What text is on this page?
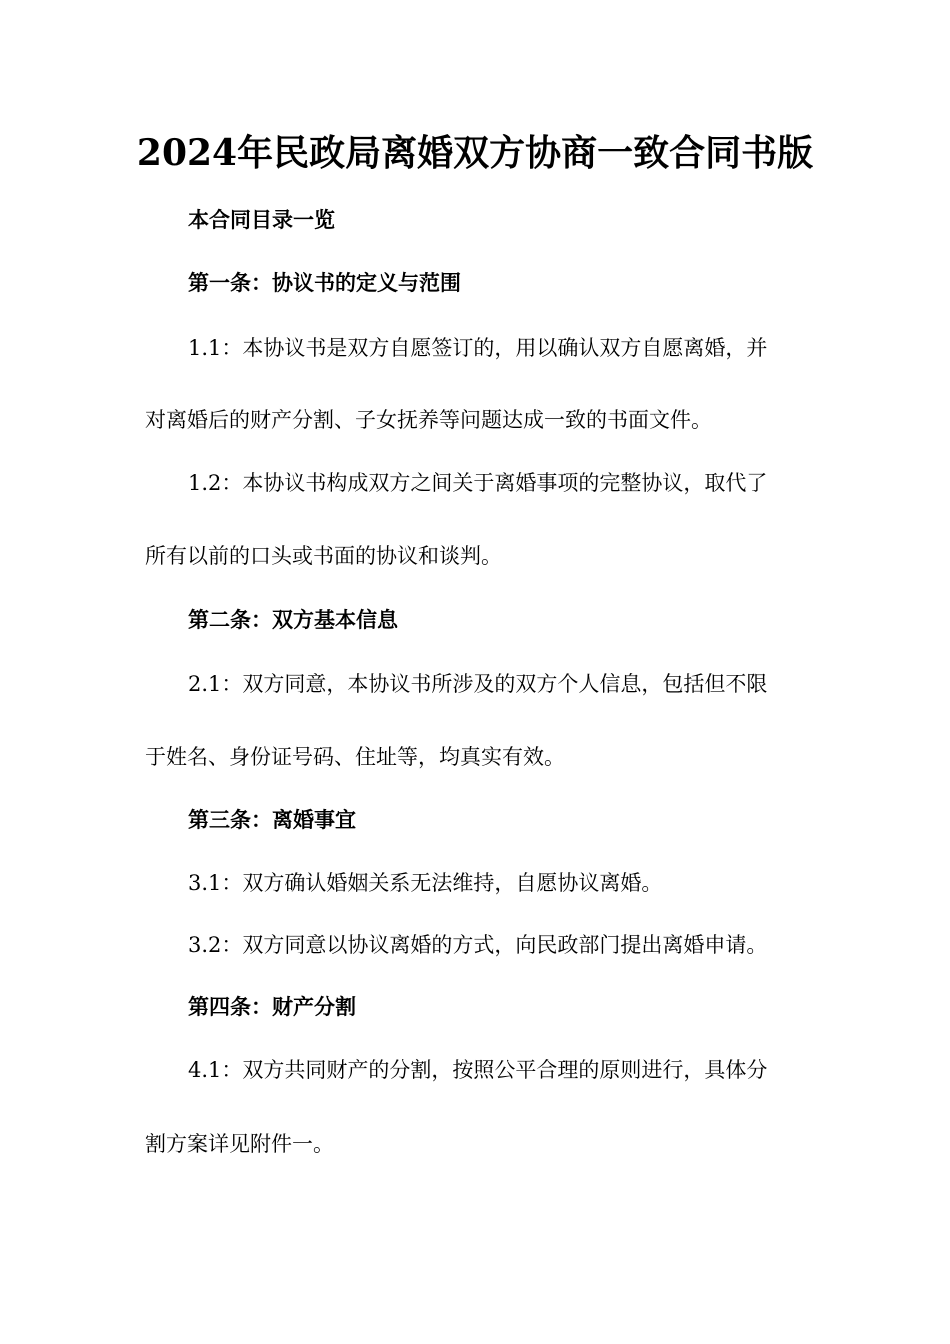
2024年民政局离婚双方协商一致合同书版
本合同目录一览
第一条：协议书的定义与范围
1.1：本协议书是双方自愿签订的，用以确认双方自愿离婚，并
对离婚后的财产分割、子女抚养等问题达成一致的书面文件。
1.2：本协议书构成双方之间关于离婚事项的完整协议，取代了
所有以前的口头或书面的协议和谈判。
第二条：双方基本信息
2.1：双方同意，本协议书所涉及的双方个人信息，包括但不限
于姓名、身份证号码、住址等，均真实有效。
第三条：离婚事宜
3.1：双方确认婚姻关系无法维持，自愿协议离婚。
3.2：双方同意以协议离婚的方式，向民政部门提出离婚申请。
第四条：财产分割
4.1：双方共同财产的分割，按照公平合理的原则进行，具体分
割方案详见附件一。
